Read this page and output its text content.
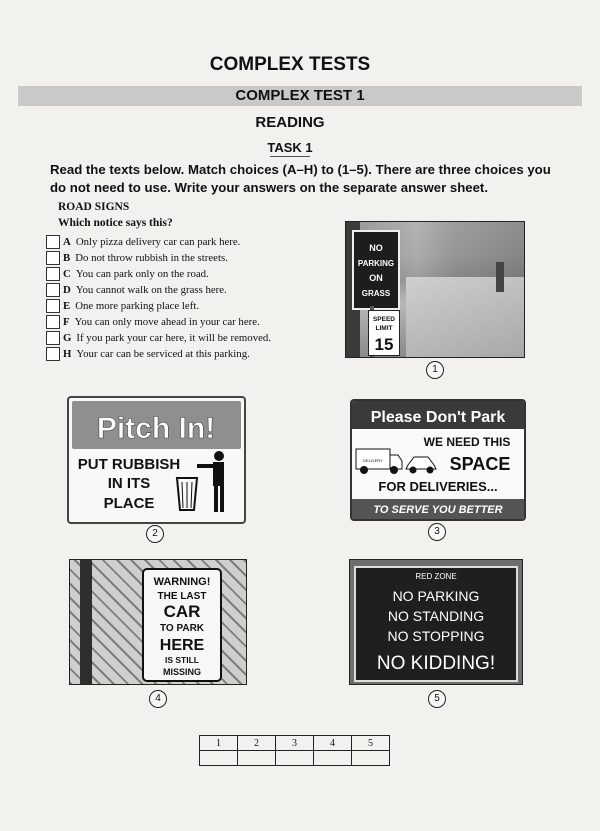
COMPLEX TESTS
COMPLEX TEST 1
READING
TASK 1
Read the texts below. Match choices (A–H) to (1–5). There are three choices you do not need to use. Write your answers on the separate answer sheet.
ROAD SIGNS
Which notice says this?
A Only pizza delivery car can park here.
B Do not throw rubbish in the streets.
C You can park only on the road.
D You cannot walk on the grass here.
E One more parking place left.
F You can only move ahead in your car here.
G If you park your car here, it will be removed.
H Your car can be serviced at this parking.
NO
PARKING
ON
GRASS
SPEED
LIMIT
15
1
Pitch In!
PUT RUBBISH
IN ITS
PLACE
2
Please Don't Park
WE NEED THIS
SPACE
FOR DELIVERIES...
DELIVERY
TO SERVE YOU BETTER
3
WARNING!
THE LAST
CAR
TO PARK
HERE
IS STILL
MISSING
4
RED ZONE
NO PARKING
NO STANDING
NO STOPPING
NO KIDDING!
5
1	2	3	4	5
